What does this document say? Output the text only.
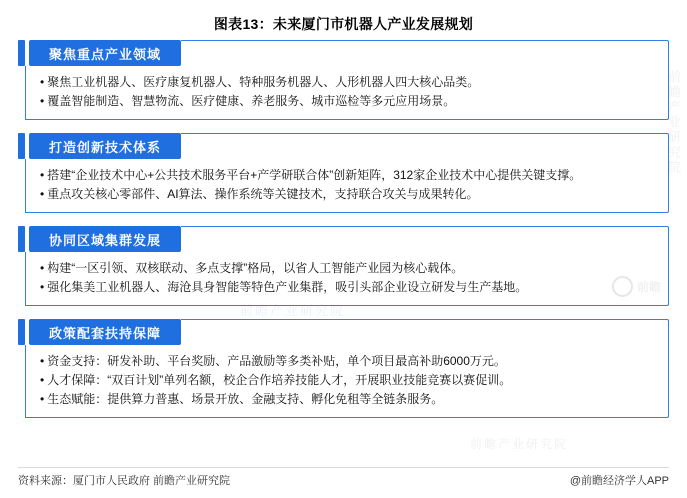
图表13：未来厦门市机器人产业发展规划
前瞻产业研究院
前瞻产业研究院
前瞻产业研究院
前瞻
聚焦重点产业领域
• 聚焦工业机器人、医疗康复机器人、特种服务机器人、人形机器人四大核心品类。
• 覆盖智能制造、智慧物流、医疗健康、养老服务、城市巡检等多元应用场景。
打造创新技术体系
• 搭建“企业技术中心+公共技术服务平台+产学研联合体”创新矩阵，312家企业技术中心提供关键支撑。
• 重点攻关核心零部件、AI算法、操作系统等关键技术，支持联合攻关与成果转化。
协同区域集群发展
• 构建“一区引领、双核联动、多点支撑”格局，以省人工智能产业园为核心载体。
• 强化集美工业机器人、海沧具身智能等特色产业集群，吸引头部企业设立研发与生产基地。
政策配套扶持保障
• 资金支持：研发补助、平台奖励、产品激励等多类补贴，单个项目最高补助6000万元。
• 人才保障：“双百计划”单列名额，校企合作培养技能人才，开展职业技能竞赛以赛促训。
• 生态赋能：提供算力普惠、场景开放、金融支持、孵化免租等全链条服务。
资料来源：厦门市人民政府 前瞻产业研究院	@前瞻经济学人APP
